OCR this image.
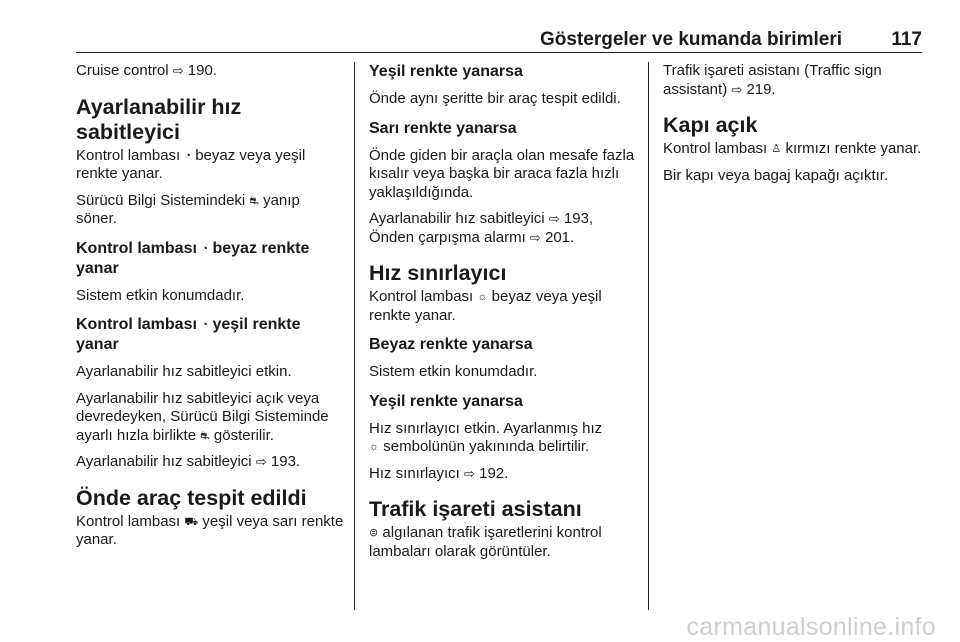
Göstergeler ve kumanda birimleri	117

Cruise control ⇨ 190.

Ayarlanabilir hız sabitleyici

Kontrol lambası ◔ beyaz veya yeşil renkte yanar.

Sürücü Bilgi Sistemindeki ⛐ yanıp söner.

Kontrol lambası ◔ beyaz renkte yanar

Sistem etkin konumdadır.

Kontrol lambası ◔ yeşil renkte yanar

Ayarlanabilir hız sabitleyici etkin.

Ayarlanabilir hız sabitleyici açık veya devredeyken, Sürücü Bilgi Sisteminde ayarlı hızla birlikte ⛐ gösterilir.

Ayarlanabilir hız sabitleyici ⇨ 193.

Önde araç tespit edildi

Kontrol lambası ⛟ yeşil veya sarı renkte yanar.

Yeşil renkte yanarsa

Önde aynı şeritte bir araç tespit edildi.

Sarı renkte yanarsa

Önde giden bir araçla olan mesafe fazla kısalır veya başka bir araca fazla hızlı yaklaşıldığında.

Ayarlanabilir hız sabitleyici ⇨ 193,
Önden çarpışma alarmı ⇨ 201.

Hız sınırlayıcı

Kontrol lambası ☼ beyaz veya yeşil renkte yanar.

Beyaz renkte yanarsa

Sistem etkin konumdadır.

Yeşil renkte yanarsa

Hız sınırlayıcı etkin. Ayarlanmış hız
☼ sembolünün yakınında belirtilir.

Hız sınırlayıcı ⇨ 192.

Trafik işareti asistanı

⊜ algılanan trafik işaretlerini kontrol lambaları olarak görüntüler.

Trafik işareti asistanı (Traffic sign assistant) ⇨ 219.

Kapı açık

Kontrol lambası ♙ kırmızı renkte yanar.

Bir kapı veya bagaj kapağı açıktır.

carmanualsonline.info
